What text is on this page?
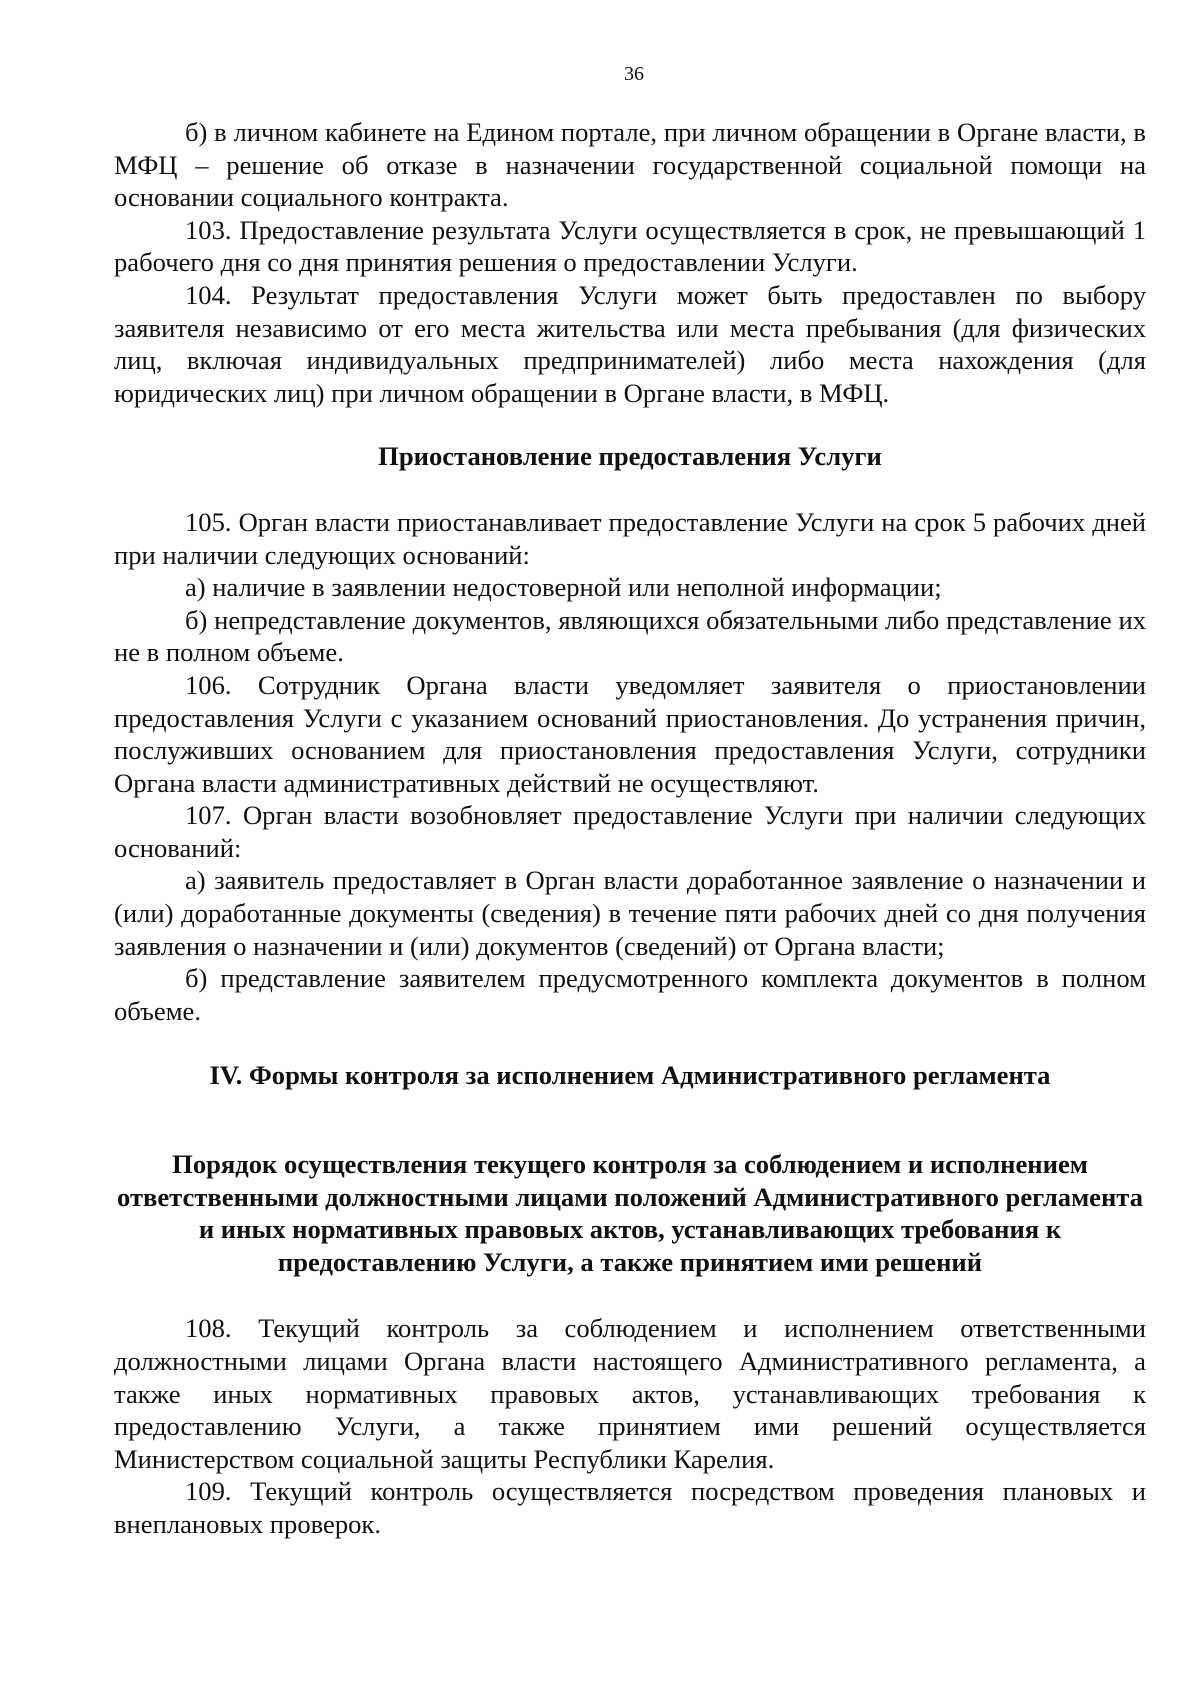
36

б) в личном кабинете на Едином портале, при личном обращении в Органе власти, в МФЦ – решение об отказе в назначении государственной социальной помощи на основании социального контракта.

103. Предоставление результата Услуги осуществляется в срок, не превышающий 1 рабочего дня со дня принятия решения о предоставлении Услуги.

104. Результат предоставления Услуги может быть предоставлен по выбору заявителя независимо от его места жительства или места пребывания (для физических лиц, включая индивидуальных предпринимателей) либо места нахождения (для юридических лиц) при личном обращении в Органе власти, в МФЦ.

Приостановление предоставления Услуги

105. Орган власти приостанавливает предоставление Услуги на срок 5 рабочих дней при наличии следующих оснований:

а) наличие в заявлении недостоверной или неполной информации;

б) непредставление документов, являющихся обязательными либо представление их не в полном объеме.

106. Сотрудник Органа власти уведомляет заявителя о приостановлении предоставления Услуги с указанием оснований приостановления. До устранения причин, послуживших основанием для приостановления предоставления Услуги, сотрудники Органа власти административных действий не осуществляют.

107. Орган власти возобновляет предоставление Услуги при наличии следующих оснований:

а) заявитель предоставляет в Орган власти доработанное заявление о назначении и (или) доработанные документы (сведения) в течение пяти рабочих дней со дня получения заявления о назначении и (или) документов (сведений) от Органа власти;

б) представление заявителем предусмотренного комплекта документов в полном объеме.

IV. Формы контроля за исполнением Административного регламента
Порядок осуществления текущего контроля за соблюдением и исполнением ответственными должностными лицами положений Административного регламента и иных нормативных правовых актов, устанавливающих требования к предоставлению Услуги, а также принятием ими решений

108. Текущий контроль за соблюдением и исполнением ответственными должностными лицами Органа власти настоящего Административного регламента, а также иных нормативных правовых актов, устанавливающих требования к предоставлению Услуги, а также принятием ими решений осуществляется Министерством социальной защиты Республики Карелия.

109. Текущий контроль осуществляется посредством проведения плановых и внеплановых проверок.
